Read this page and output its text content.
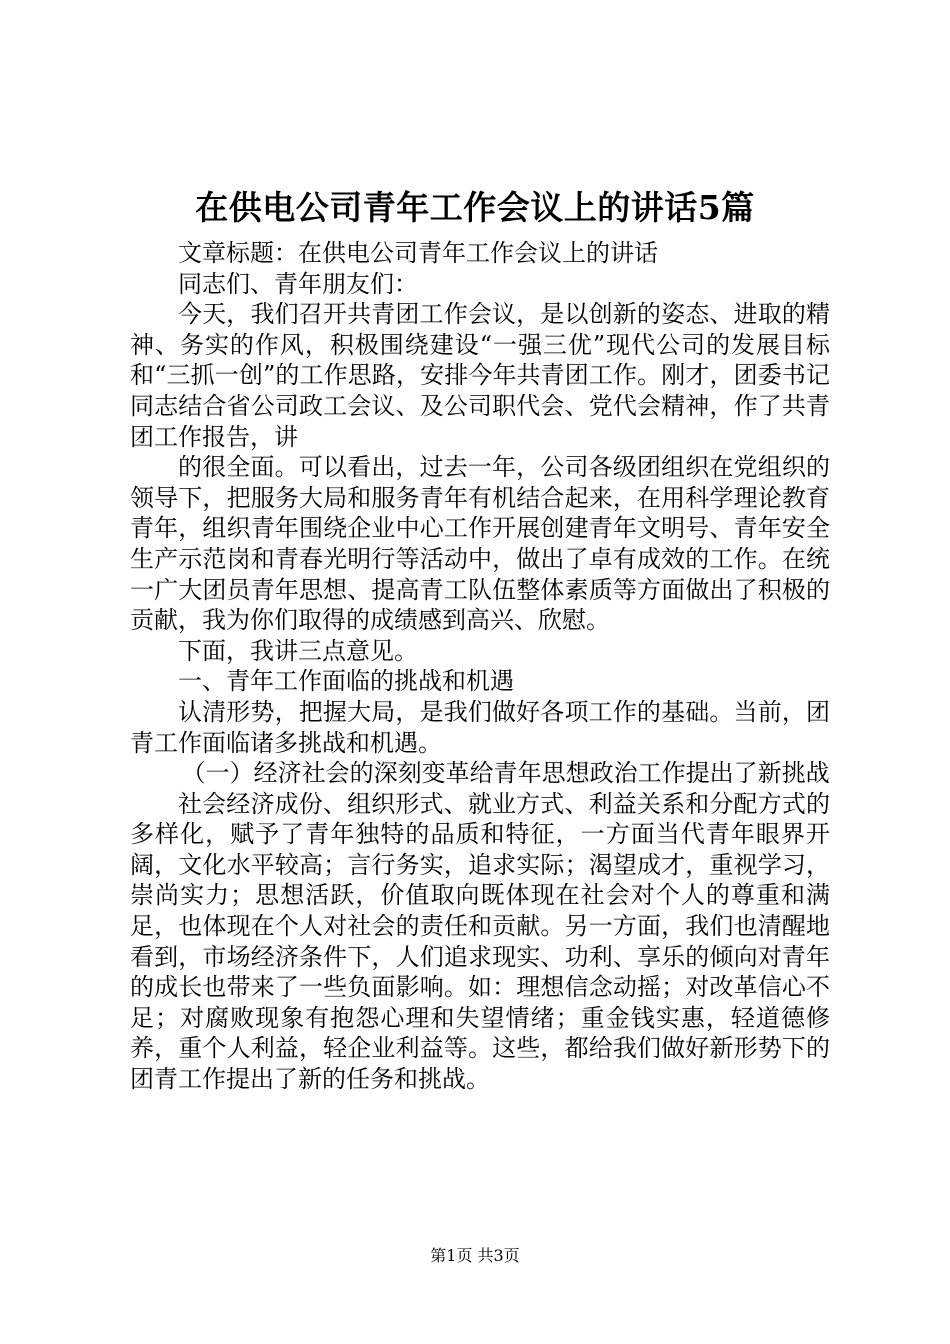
在供电公司青年工作会议上的讲话5篇

文章标题：在供电公司青年工作会议上的讲话

同志们、青年朋友们：

今天，我们召开共青团工作会议，是以创新的姿态、进取的精神、务实的作风，积极围绕建设“一强三优”现代公司的发展目标和“三抓一创”的工作思路，安排今年共青团工作。刚才，团委书记同志结合省公司政工会议、及公司职代会、党代会精神，作了共青团工作报告，讲

的很全面。可以看出，过去一年，公司各级团组织在党组织的领导下，把服务大局和服务青年有机结合起来，在用科学理论教育青年，组织青年围绕企业中心工作开展创建青年文明号、青年安全生产示范岗和青春光明行等活动中，做出了卓有成效的工作。在统一广大团员青年思想、提高青工队伍整体素质等方面做出了积极的贡献，我为你们取得的成绩感到高兴、欣慰。

下面，我讲三点意见。

一、青年工作面临的挑战和机遇

认清形势，把握大局，是我们做好各项工作的基础。当前，团青工作面临诸多挑战和机遇。

（一）经济社会的深刻变革给青年思想政治工作提出了新挑战

社会经济成份、组织形式、就业方式、利益关系和分配方式的多样化，赋予了青年独特的品质和特征，一方面当代青年眼界开阔，文化水平较高；言行务实，追求实际；渴望成才，重视学习，崇尚实力；思想活跃，价值取向既体现在社会对个人的尊重和满足，也体现在个人对社会的责任和贡献。另一方面，我们也清醒地看到，市场经济条件下，人们追求现实、功利、享乐的倾向对青年的成长也带来了一些负面影响。如：理想信念动摇；对改革信心不足；对腐败现象有抱怨心理和失望情绪；重金钱实惠，轻道德修养，重个人利益，轻企业利益等。这些，都给我们做好新形势下的团青工作提出了新的任务和挑战。

第1页 共3页
